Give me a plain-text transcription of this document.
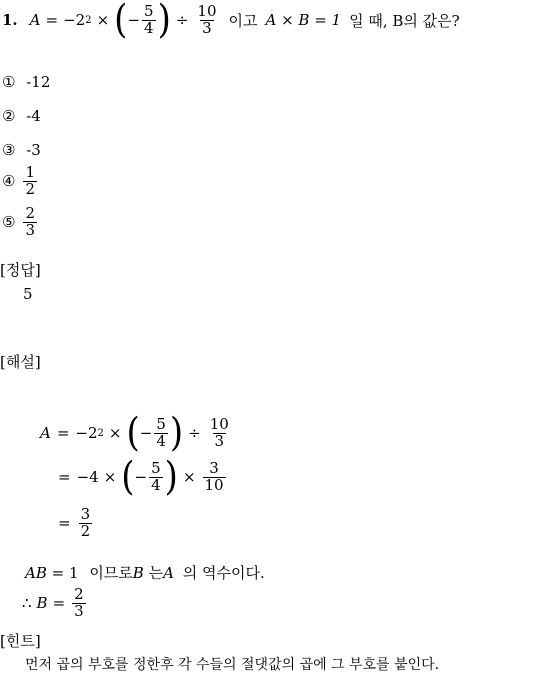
1. A = −2 2 × ( − $\frac{5}{4}$ ) ÷ $\frac{10}{3}$ 이고 A × B = 1 일 때, B의 값은?
① -12
② -4
③ -3
④ $\frac{1}{2}$
⑤ $\frac{2}{3}$
[정답]
5
[해설]
A = −2 2 × ( − $\frac{5}{4}$ ) ÷ $\frac{10}{3}$
= −4 × ( − $\frac{5}{4}$ ) × $\frac{3}{10}$
= $\frac{3}{2}$
AB = 1 이므로B 는A 의 역수이다.
∴ $B = \frac{2}{3}$
[힌트]
먼저 곱의 부호를 정한후 각 수들의 절댓값의 곱에 그 부호를 붙인다.
